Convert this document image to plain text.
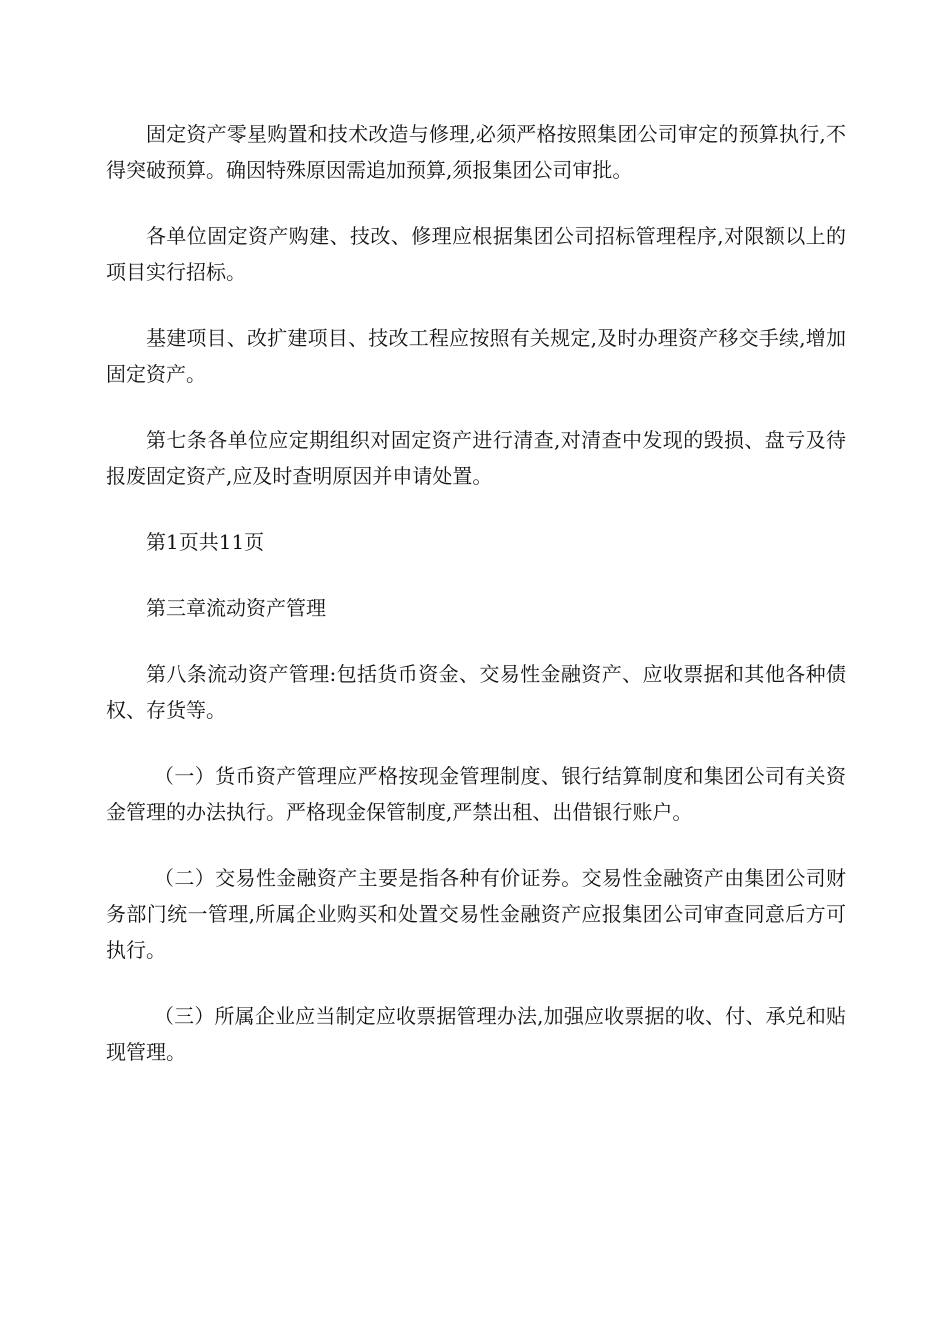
固定资产零星购置和技术改造与修理,必须严格按照集团公司审定的预算执行,不得突破预算。确因特殊原因需追加预算,须报集团公司审批。

各单位固定资产购建、技改、修理应根据集团公司招标管理程序,对限额以上的项目实行招标。

基建项目、改扩建项目、技改工程应按照有关规定,及时办理资产移交手续,增加固定资产。

第七条各单位应定期组织对固定资产进行清查,对清查中发现的毁损、盘亏及待报废固定资产,应及时查明原因并申请处置。

第1页共11页

第三章流动资产管理

第八条流动资产管理:包括货币资金、交易性金融资产、应收票据和其他各种债权、存货等。

（一）货币资产管理应严格按现金管理制度、银行结算制度和集团公司有关资金管理的办法执行。严格现金保管制度,严禁出租、出借银行账户。

（二）交易性金融资产主要是指各种有价证券。交易性金融资产由集团公司财务部门统一管理,所属企业购买和处置交易性金融资产应报集团公司审查同意后方可执行。

（三）所属企业应当制定应收票据管理办法,加强应收票据的收、付、承兑和贴现管理。
